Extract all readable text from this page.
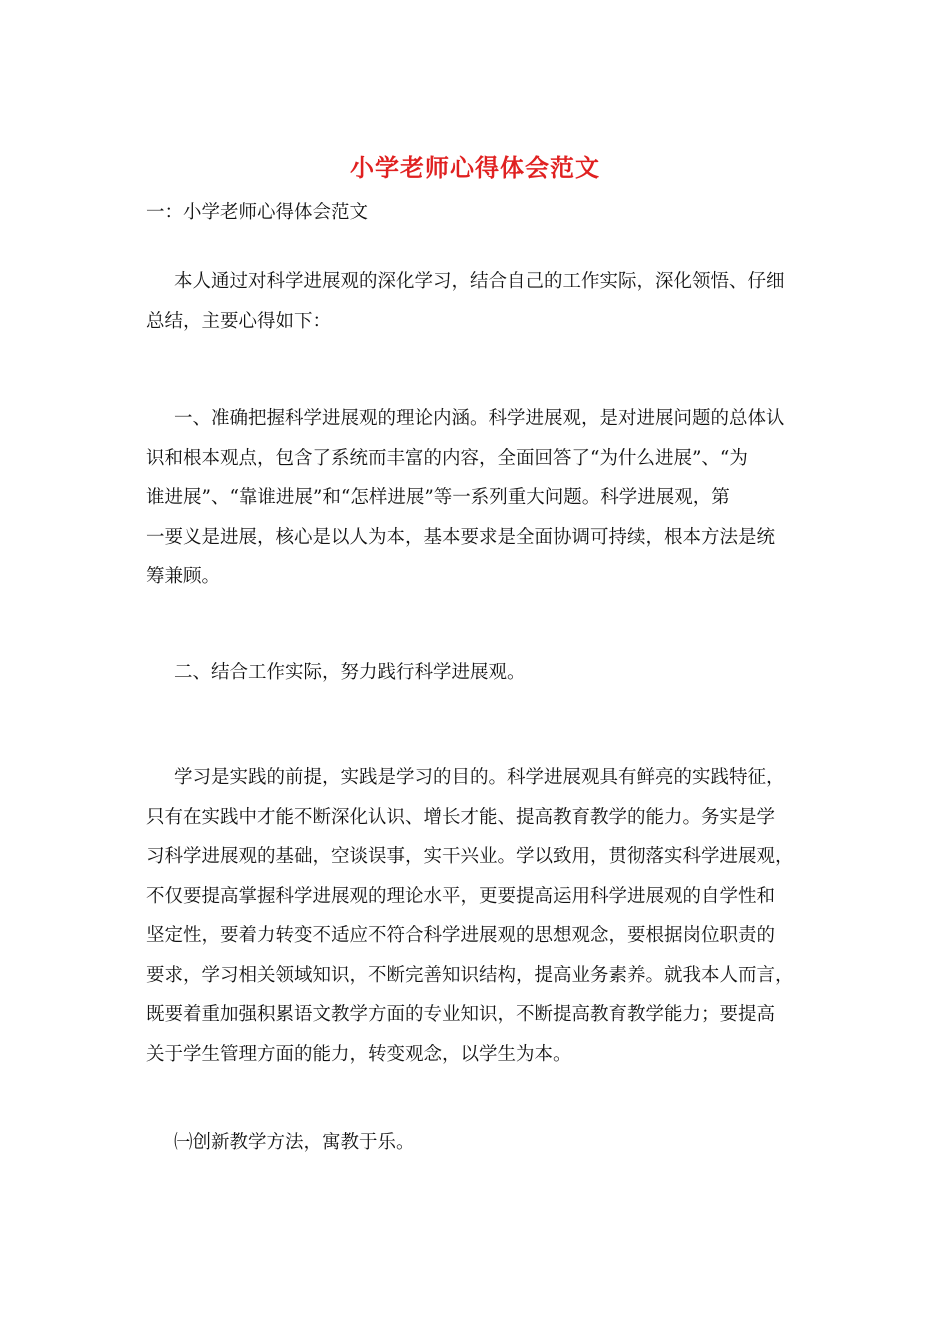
小学老师心得体会范文
一：小学老师心得体会范文
本人通过对科学进展观的深化学习，结合自己的工作实际，深化领悟、仔细
总结，主要心得如下：
一、准确把握科学进展观的理论内涵。科学进展观，是对进展问题的总体认
识和根本观点，包含了系统而丰富的内容，全面回答了“为什么进展”、“为
谁进展”、“靠谁进展”和“怎样进展”等一系列重大问题。科学进展观，第
一要义是进展，核心是以人为本，基本要求是全面协调可持续，根本方法是统
筹兼顾。
二、结合工作实际，努力践行科学进展观。
学习是实践的前提，实践是学习的目的。科学进展观具有鲜亮的实践特征，
只有在实践中才能不断深化认识、增长才能、提高教育教学的能力。务实是学
习科学进展观的基础，空谈误事，实干兴业。学以致用，贯彻落实科学进展观，
不仅要提高掌握科学进展观的理论水平，更要提高运用科学进展观的自学性和
坚定性，要着力转变不适应不符合科学进展观的思想观念，要根据岗位职责的
要求，学习相关领域知识，不断完善知识结构，提高业务素养。就我本人而言，
既要着重加强积累语文教学方面的专业知识，不断提高教育教学能力；要提高
关于学生管理方面的能力，转变观念，以学生为本。
㈠创新教学方法，寓教于乐。
